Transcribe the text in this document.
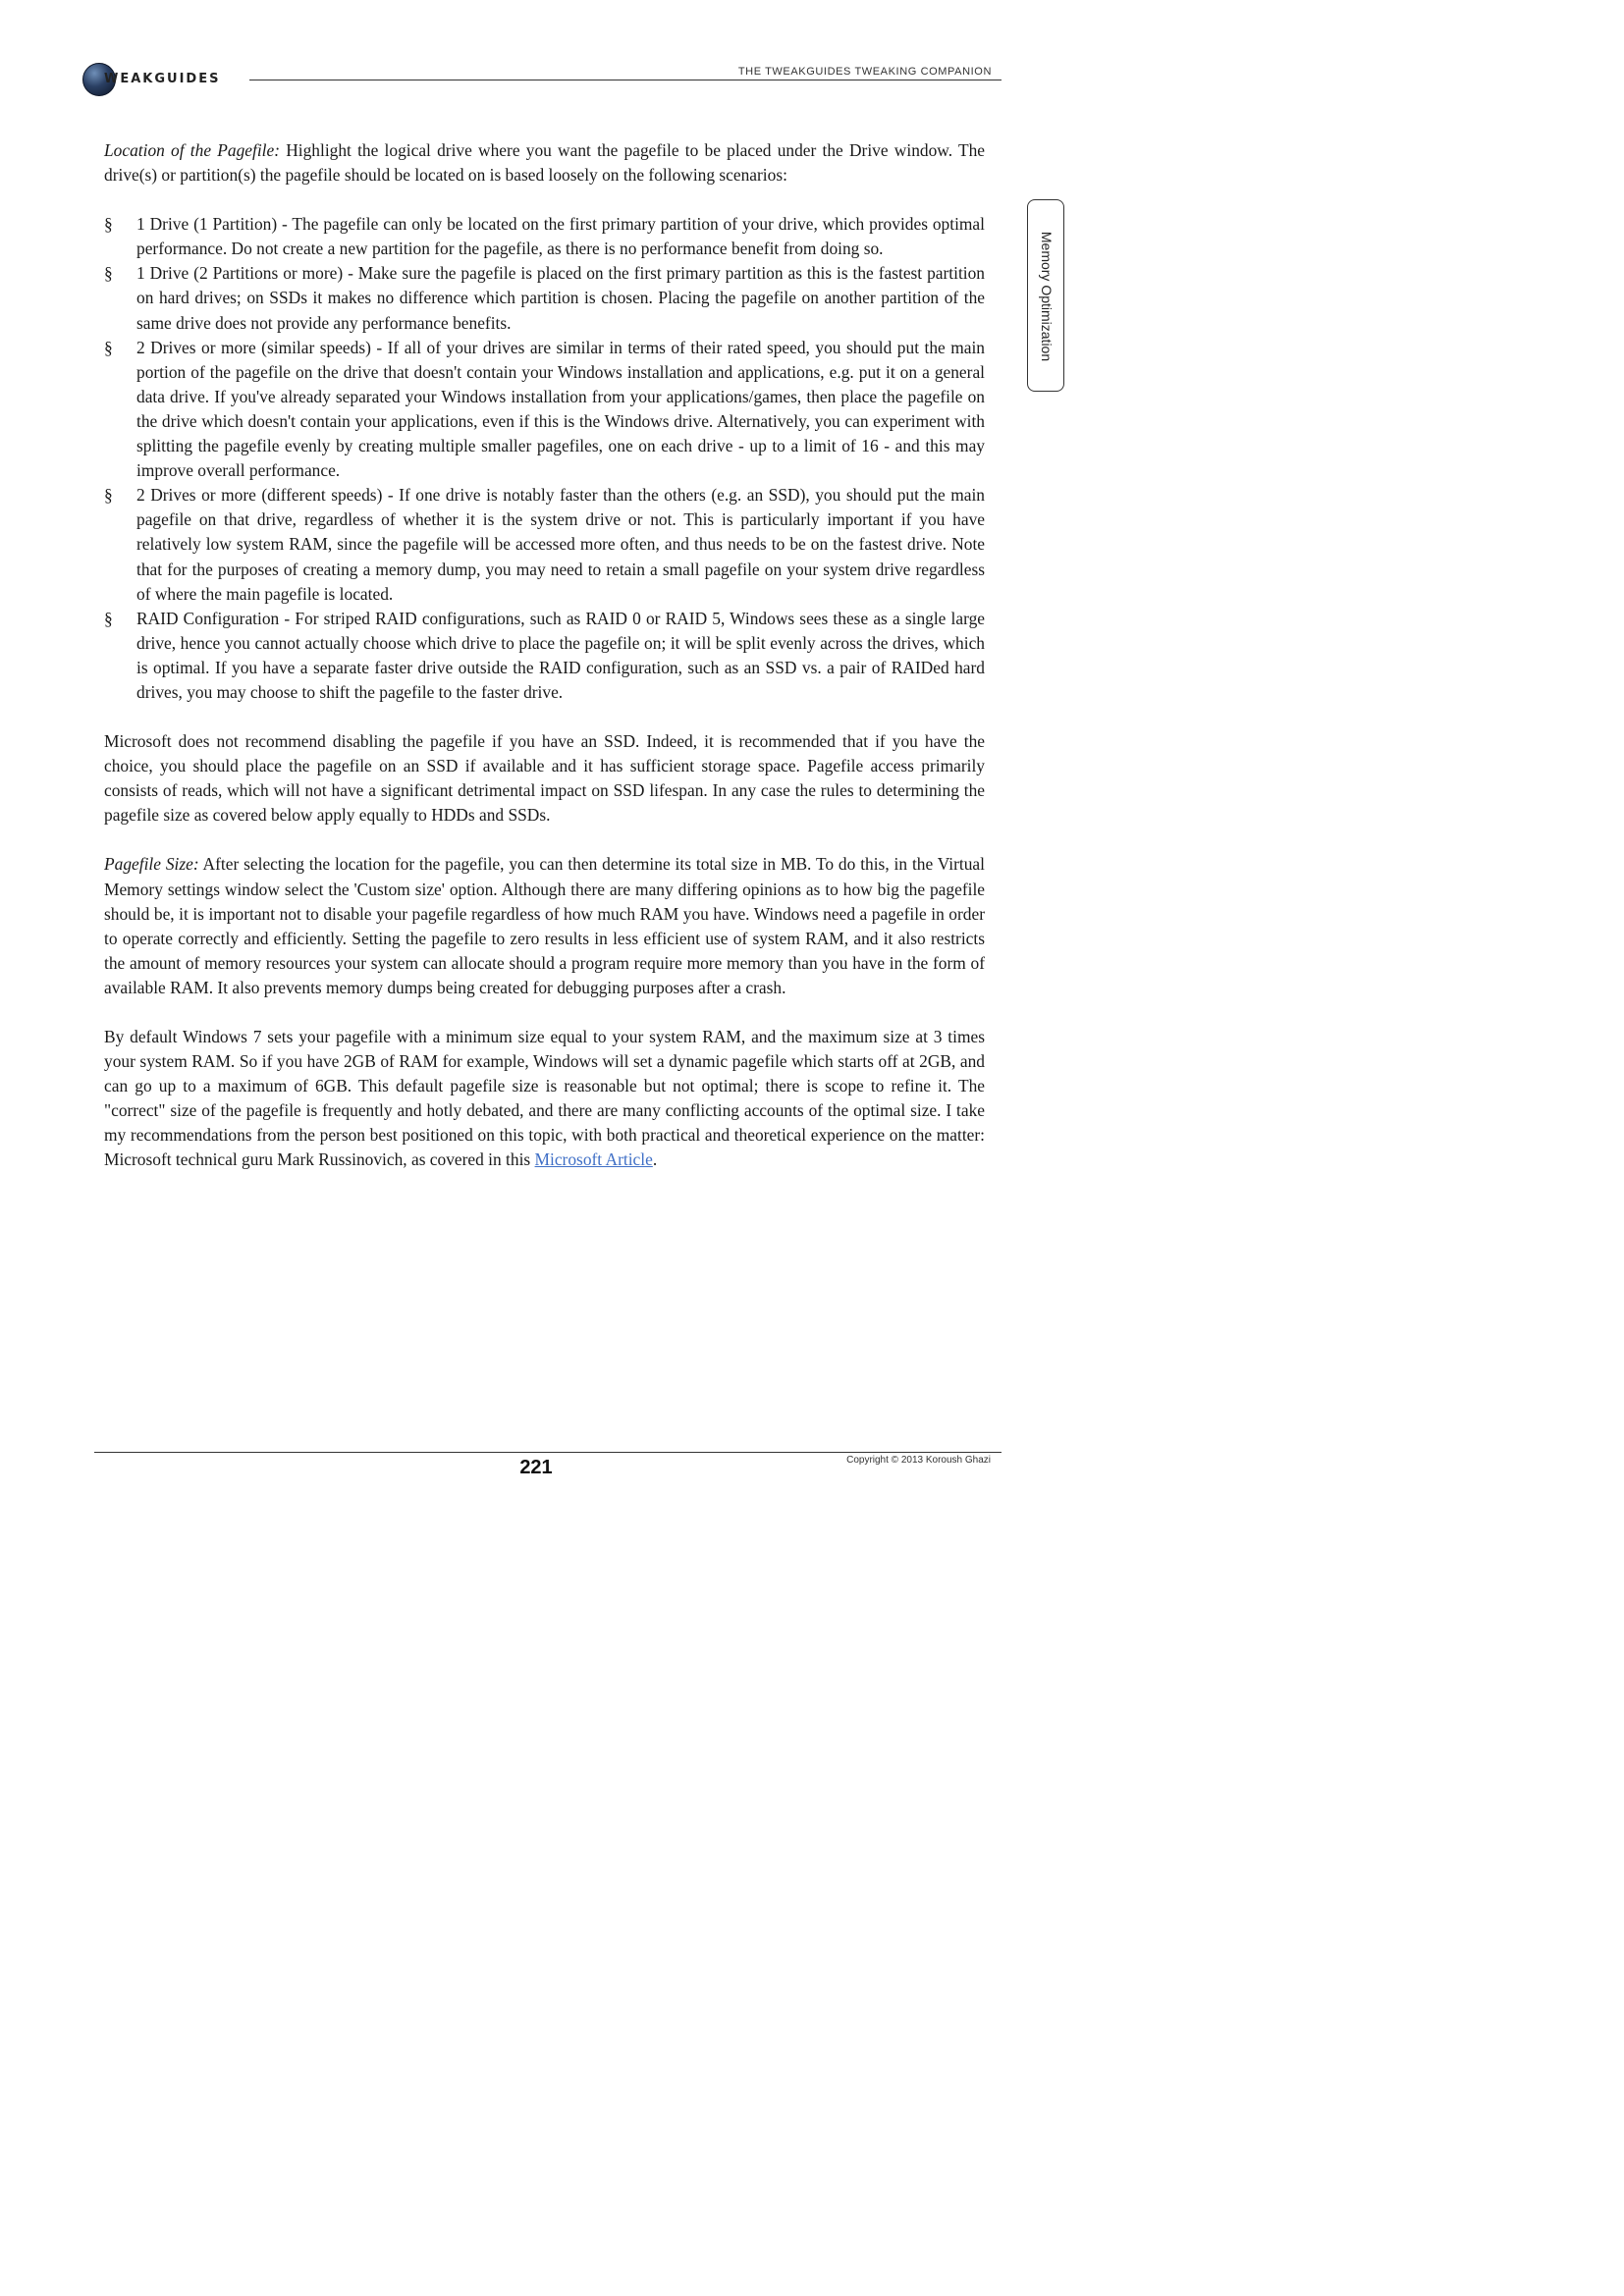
WEAKGUIDES	THE TWEAKGUIDES TWEAKING COMPANION
Memory Optimization

Location of the Pagefile: Highlight the logical drive where you want the pagefile to be placed under the Drive window. The drive(s) or partition(s) the pagefile should be located on is based loosely on the following scenarios:

§ 1 Drive (1 Partition) - The pagefile can only be located on the first primary partition of your drive, which provides optimal performance. Do not create a new partition for the pagefile, as there is no performance benefit from doing so.
§ 1 Drive (2 Partitions or more) - Make sure the pagefile is placed on the first primary partition as this is the fastest partition on hard drives; on SSDs it makes no difference which partition is chosen. Placing the pagefile on another partition of the same drive does not provide any performance benefits.
§ 2 Drives or more (similar speeds) - If all of your drives are similar in terms of their rated speed, you should put the main portion of the pagefile on the drive that doesn't contain your Windows installation and applications, e.g. put it on a general data drive. If you've already separated your Windows installation from your applications/games, then place the pagefile on the drive which doesn't contain your applications, even if this is the Windows drive. Alternatively, you can experiment with splitting the pagefile evenly by creating multiple smaller pagefiles, one on each drive - up to a limit of 16 - and this may improve overall performance.
§ 2 Drives or more (different speeds) - If one drive is notably faster than the others (e.g. an SSD), you should put the main pagefile on that drive, regardless of whether it is the system drive or not. This is particularly important if you have relatively low system RAM, since the pagefile will be accessed more often, and thus needs to be on the fastest drive. Note that for the purposes of creating a memory dump, you may need to retain a small pagefile on your system drive regardless of where the main pagefile is located.
§ RAID Configuration - For striped RAID configurations, such as RAID 0 or RAID 5, Windows sees these as a single large drive, hence you cannot actually choose which drive to place the pagefile on; it will be split evenly across the drives, which is optimal. If you have a separate faster drive outside the RAID configuration, such as an SSD vs. a pair of RAIDed hard drives, you may choose to shift the pagefile to the faster drive.

Microsoft does not recommend disabling the pagefile if you have an SSD. Indeed, it is recommended that if you have the choice, you should place the pagefile on an SSD if available and it has sufficient storage space. Pagefile access primarily consists of reads, which will not have a significant detrimental impact on SSD lifespan. In any case the rules to determining the pagefile size as covered below apply equally to HDDs and SSDs.

Pagefile Size: After selecting the location for the pagefile, you can then determine its total size in MB. To do this, in the Virtual Memory settings window select the 'Custom size' option. Although there are many differing opinions as to how big the pagefile should be, it is important not to disable your pagefile regardless of how much RAM you have. Windows need a pagefile in order to operate correctly and efficiently. Setting the pagefile to zero results in less efficient use of system RAM, and it also restricts the amount of memory resources your system can allocate should a program require more memory than you have in the form of available RAM. It also prevents memory dumps being created for debugging purposes after a crash.

By default Windows 7 sets your pagefile with a minimum size equal to your system RAM, and the maximum size at 3 times your system RAM. So if you have 2GB of RAM for example, Windows will set a dynamic pagefile which starts off at 2GB, and can go up to a maximum of 6GB. This default pagefile size is reasonable but not optimal; there is scope to refine it. The "correct" size of the pagefile is frequently and hotly debated, and there are many conflicting accounts of the optimal size. I take my recommendations from the person best positioned on this topic, with both practical and theoretical experience on the matter: Microsoft technical guru Mark Russinovich, as covered in this Microsoft Article.

221	Copyright © 2013 Koroush Ghazi
